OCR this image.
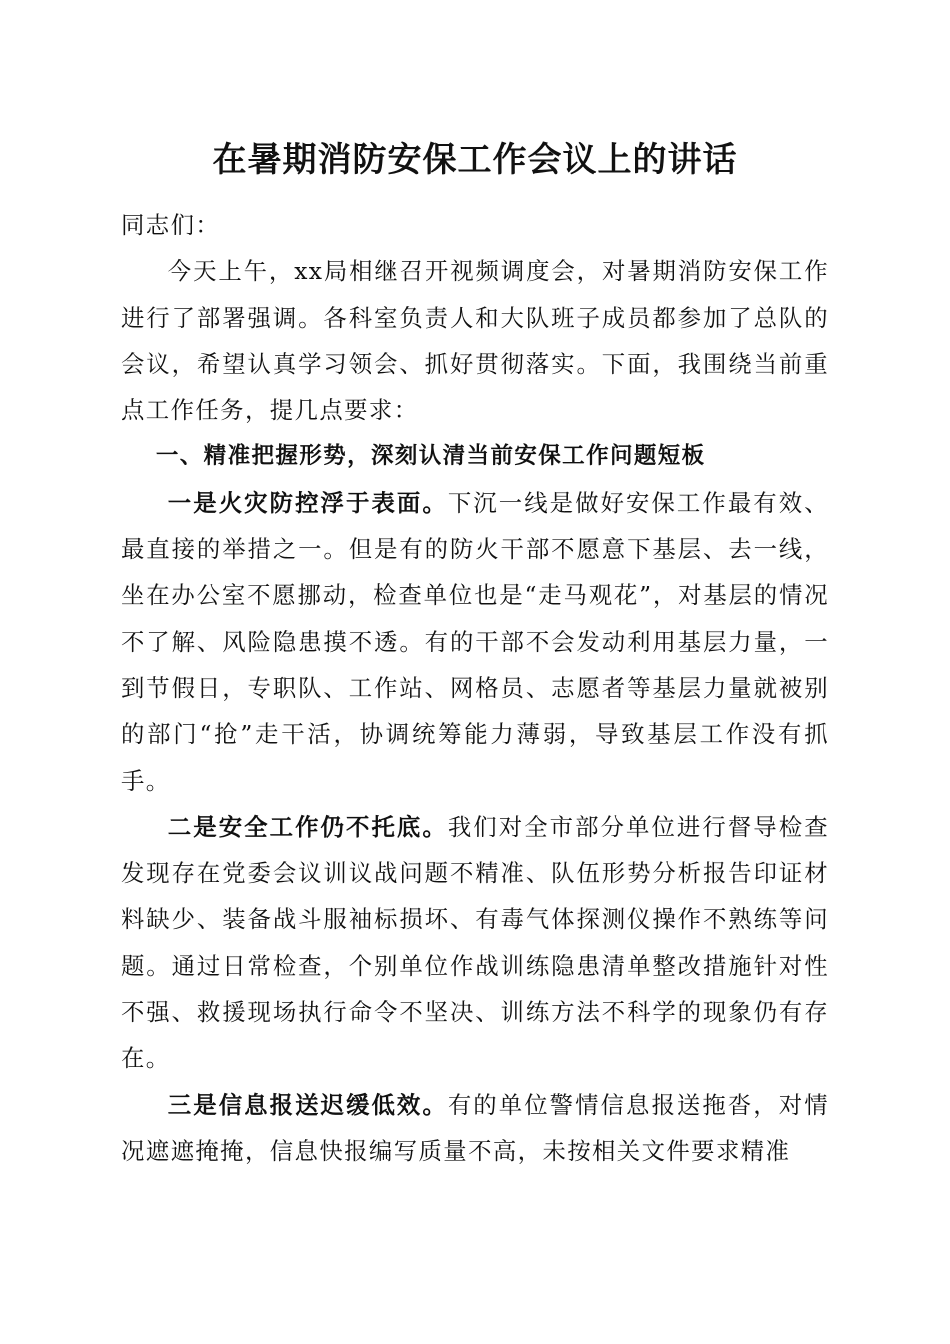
在暑期消防安保工作会议上的讲话

同志们：

今天上午，xx局相继召开视频调度会，对暑期消防安保工作进行了部署强调。各科室负责人和大队班子成员都参加了总队的会议，希望认真学习领会、抓好贯彻落实。下面，我围绕当前重点工作任务，提几点要求：

一、精准把握形势，深刻认清当前安保工作问题短板

一是火灾防控浮于表面。下沉一线是做好安保工作最有效、最直接的举措之一。但是有的防火干部不愿意下基层、去一线，坐在办公室不愿挪动，检查单位也是“走马观花”，对基层的情况不了解、风险隐患摸不透。有的干部不会发动利用基层力量，一到节假日，专职队、工作站、网格员、志愿者等基层力量就被别的部门“抢”走干活，协调统筹能力薄弱，导致基层工作没有抓手。

二是安全工作仍不托底。我们对全市部分单位进行督导检查发现存在党委会议训议战问题不精准、队伍形势分析报告印证材料缺少、装备战斗服袖标损坏、有毒气体探测仪操作不熟练等问题。通过日常检查，个别单位作战训练隐患清单整改措施针对性不强、救援现场执行命令不坚决、训练方法不科学的现象仍有存在。

三是信息报送迟缓低效。有的单位警情信息报送拖沓，对情况遮遮掩掩，信息快报编写质量不高，未按相关文件要求精准
